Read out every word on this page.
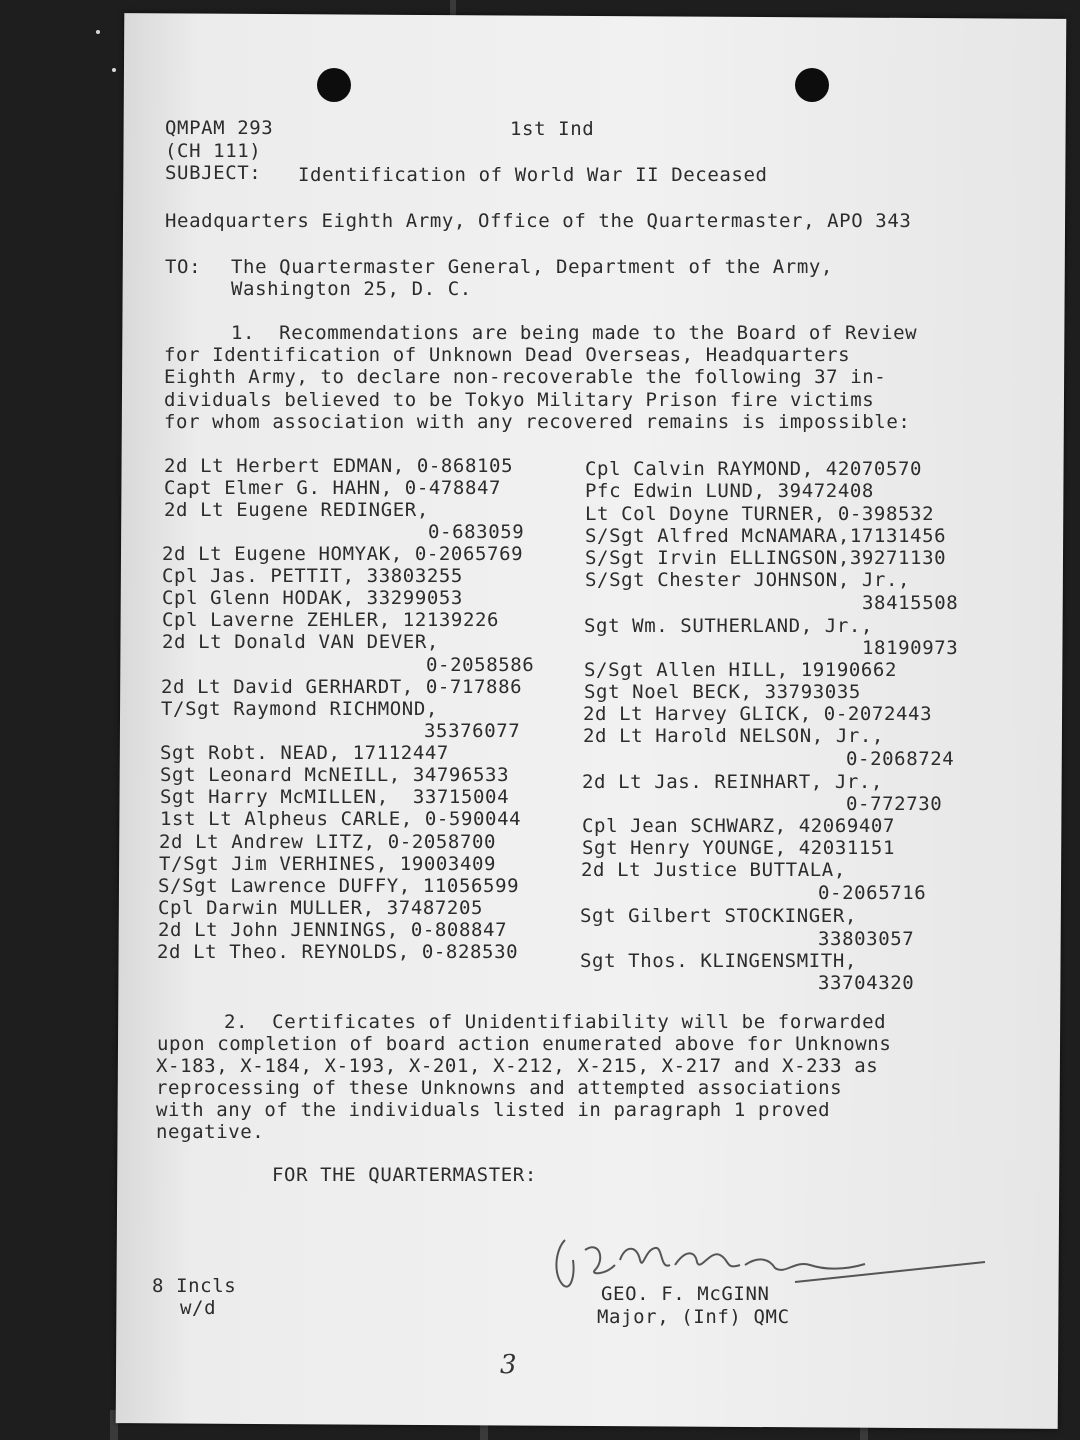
QMPAM 293	1st Ind
(CH 111)
SUBJECT: Identification of World War II Deceased
Headquarters Eighth Army, Office of the Quartermaster, APO 343
TO: The Quartermaster General, Department of the Army,
Washington 25, D. C.
1.  Recommendations are being made to the Board of Review
for Identification of Unknown Dead Overseas, Headquarters
Eighth Army, to declare non-recoverable the following 37 in-
dividuals believed to be Tokyo Military Prison fire victims
for whom association with any recovered remains is impossible:
2d Lt Herbert EDMAN, 0-868105
Capt Elmer G. HAHN, 0-478847
2d Lt Eugene REDINGER,
0-683059
2d Lt Eugene HOMYAK, 0-2065769
Cpl Jas. PETTIT, 33803255
Cpl Glenn HODAK, 33299053
Cpl Laverne ZEHLER, 12139226
2d Lt Donald VAN DEVER,
0-2058586
2d Lt David GERHARDT, 0-717886
T/Sgt Raymond RICHMOND,
35376077
Sgt Robt. NEAD, 17112447
Sgt Leonard McNEILL, 34796533
Sgt Harry McMILLEN,  33715004
1st Lt Alpheus CARLE, 0-590044
2d Lt Andrew LITZ, 0-2058700
T/Sgt Jim VERHINES, 19003409
S/Sgt Lawrence DUFFY, 11056599
Cpl Darwin MULLER, 37487205
2d Lt John JENNINGS, 0-808847
2d Lt Theo. REYNOLDS, 0-828530
Cpl Calvin RAYMOND, 42070570
Pfc Edwin LUND, 39472408
Lt Col Doyne TURNER, 0-398532
S/Sgt Alfred McNAMARA,17131456
S/Sgt Irvin ELLINGSON,39271130
S/Sgt Chester JOHNSON, Jr.,
38415508
Sgt Wm. SUTHERLAND, Jr.,
18190973
S/Sgt Allen HILL, 19190662
Sgt Noel BECK, 33793035
2d Lt Harvey GLICK, 0-2072443
2d Lt Harold NELSON, Jr.,
0-2068724
2d Lt Jas. REINHART, Jr.,
0-772730
Cpl Jean SCHWARZ, 42069407
Sgt Henry YOUNGE, 42031151
2d Lt Justice BUTTALA,
0-2065716
Sgt Gilbert STOCKINGER,
33803057
Sgt Thos. KLINGENSMITH,
33704320
2.  Certificates of Unidentifiability will be forwarded
upon completion of board action enumerated above for Unknowns
X-183, X-184, X-193, X-201, X-212, X-215, X-217 and X-233 as
reprocessing of these Unknowns and attempted associations
with any of the individuals listed in paragraph 1 proved
negative.
FOR THE QUARTERMASTER:
8 Incls
w/d
GEO. F. McGINN
Major, (Inf) QMC
3
